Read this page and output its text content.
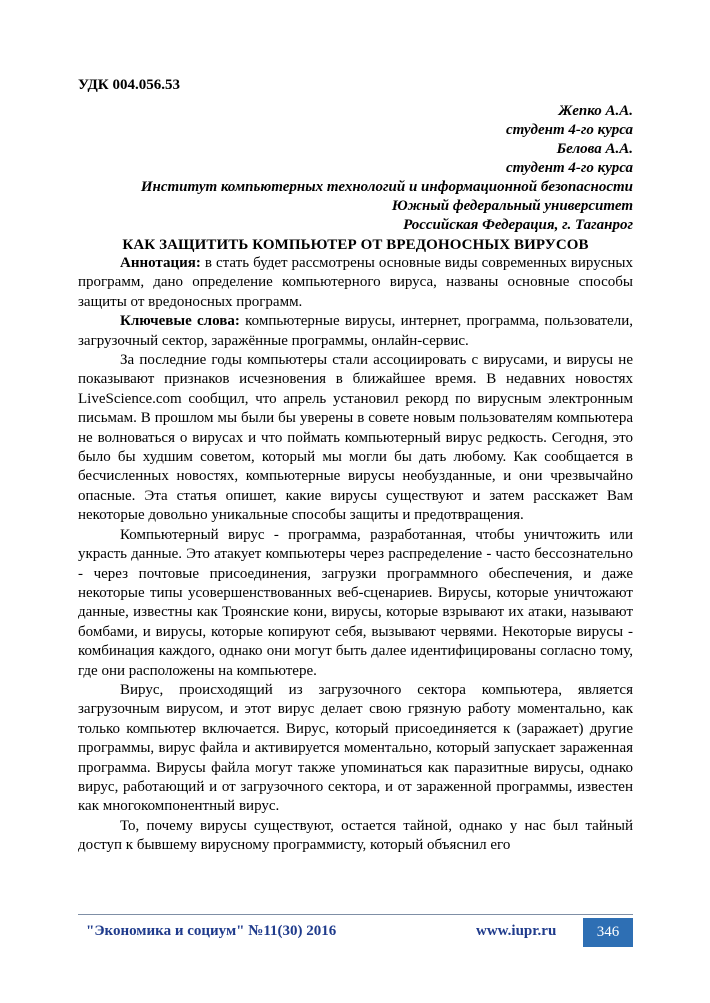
УДК 004.056.53
Жепко А.А.
студент 4-го курса
Белова А.А.
студент 4-го курса
Институт компьютерных технологий и информационной безопасности
Южный федеральный университет
Российская Федерация, г. Таганрог
КАК ЗАЩИТИТЬ КОМПЬЮТЕР ОТ ВРЕДОНОСНЫХ ВИРУСОВ

Аннотация: в стать будет рассмотрены основные виды современных вирусных программ, дано определение компьютерного вируса, названы основные способы защиты от вредоносных программ.

Ключевые слова: компьютерные вирусы, интернет, программа, пользователи, загрузочный сектор, заражённые программы, онлайн-сервис.

За последние годы компьютеры стали ассоциировать с вирусами, и вирусы не показывают признаков исчезновения в ближайшее время. В недавних новостях LiveScience.com сообщил, что апрель установил рекорд по вирусным электронным письмам. В прошлом мы были бы уверены в совете новым пользователям компьютера не волноваться о вирусах и что поймать компьютерный вирус редкость. Сегодня, это было бы худшим советом, который мы могли бы дать любому. Как сообщается в бесчисленных новостях, компьютерные вирусы необузданные, и они чрезвычайно опасные. Эта статья опишет, какие вирусы существуют и затем расскажет Вам некоторые довольно уникальные способы защиты и предотвращения.

Компьютерный вирус - программа, разработанная, чтобы уничтожить или украсть данные. Это атакует компьютеры через распределение - часто бессознательно - через почтовые присоединения, загрузки программного обеспечения, и даже некоторые типы усовершенствованных веб-сценариев. Вирусы, которые уничтожают данные, известны как Троянские кони, вирусы, которые взрывают их атаки, называют бомбами, и вирусы, которые копируют себя, вызывают червями. Некоторые вирусы - комбинация каждого, однако они могут быть далее идентифицированы согласно тому, где они расположены на компьютере.

Вирус, происходящий из загрузочного сектора компьютера, является загрузочным вирусом, и этот вирус делает свою грязную работу моментально, как только компьютер включается. Вирус, который присоединяется к (заражает) другие программы, вирус файла и активируется моментально, который запускает зараженная программа. Вирусы файла могут также упоминаться как паразитные вирусы, однако вирус, работающий и от загрузочного сектора, и от зараженной программы, известен как многокомпонентный вирус.

То, почему вирусы существуют, остается тайной, однако у нас был тайный доступ к бывшему вирусному программисту, который объяснил его

"Экономика и социум" №11(30) 2016	www.iupr.ru	346
